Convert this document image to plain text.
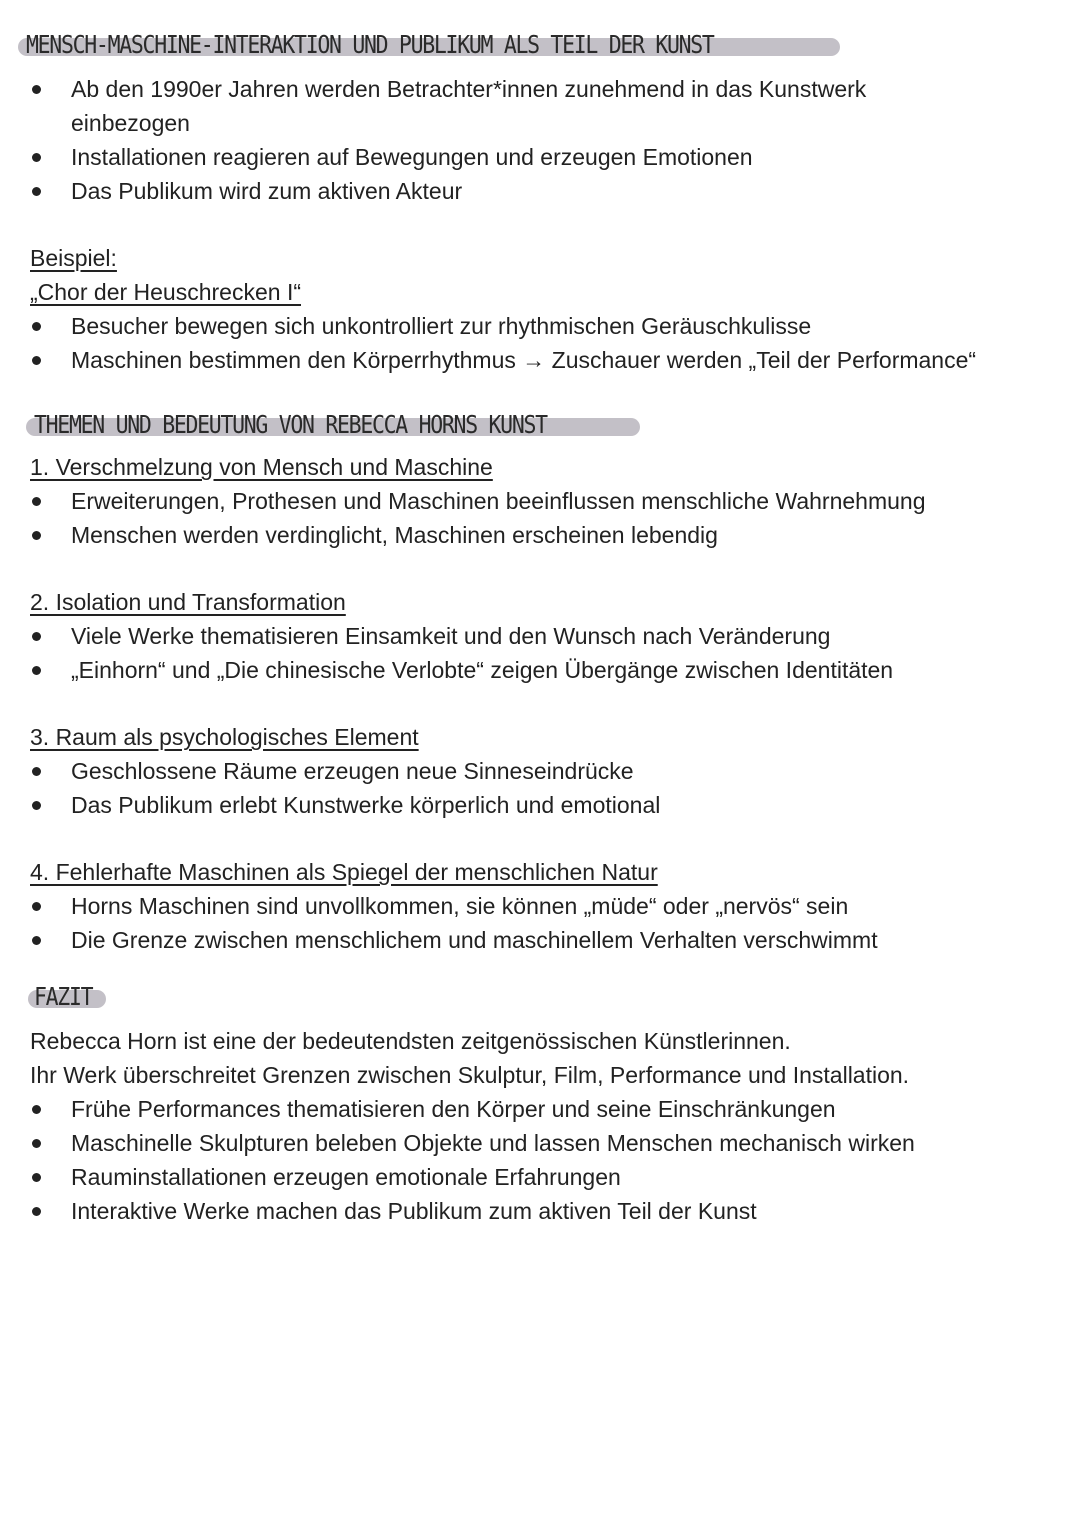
MENSCH-MASCHINE-INTERAKTION UND PUBLIKUM ALS TEIL DER KUNST
Ab den 1990er Jahren werden Betrachter*innen zunehmend in das Kunstwerk
einbezogen
Installationen reagieren auf Bewegungen und erzeugen Emotionen
Das Publikum wird zum aktiven Akteur
Beispiel:
„Chor der Heuschrecken I“
Besucher bewegen sich unkontrolliert zur rhythmischen Geräuschkulisse
Maschinen bestimmen den Körperrhythmus → Zuschauer werden „Teil der Performance“
THEMEN UND BEDEUTUNG VON REBECCA HORNS KUNST
1. Verschmelzung von Mensch und Maschine
Erweiterungen, Prothesen und Maschinen beeinflussen menschliche Wahrnehmung
Menschen werden verdinglicht, Maschinen erscheinen lebendig
2. Isolation und Transformation
Viele Werke thematisieren Einsamkeit und den Wunsch nach Veränderung
„Einhorn“ und „Die chinesische Verlobte“ zeigen Übergänge zwischen Identitäten
3. Raum als psychologisches Element
Geschlossene Räume erzeugen neue Sinneseindrücke
Das Publikum erlebt Kunstwerke körperlich und emotional
4. Fehlerhafte Maschinen als Spiegel der menschlichen Natur
Horns Maschinen sind unvollkommen, sie können „müde“ oder „nervös“ sein
Die Grenze zwischen menschlichem und maschinellem Verhalten verschwimmt
FAZIT
Rebecca Horn ist eine der bedeutendsten zeitgenössischen Künstlerinnen.
Ihr Werk überschreitet Grenzen zwischen Skulptur, Film, Performance und Installation.
Frühe Performances thematisieren den Körper und seine Einschränkungen
Maschinelle Skulpturen beleben Objekte und lassen Menschen mechanisch wirken
Rauminstallationen erzeugen emotionale Erfahrungen
Interaktive Werke machen das Publikum zum aktiven Teil der Kunst
